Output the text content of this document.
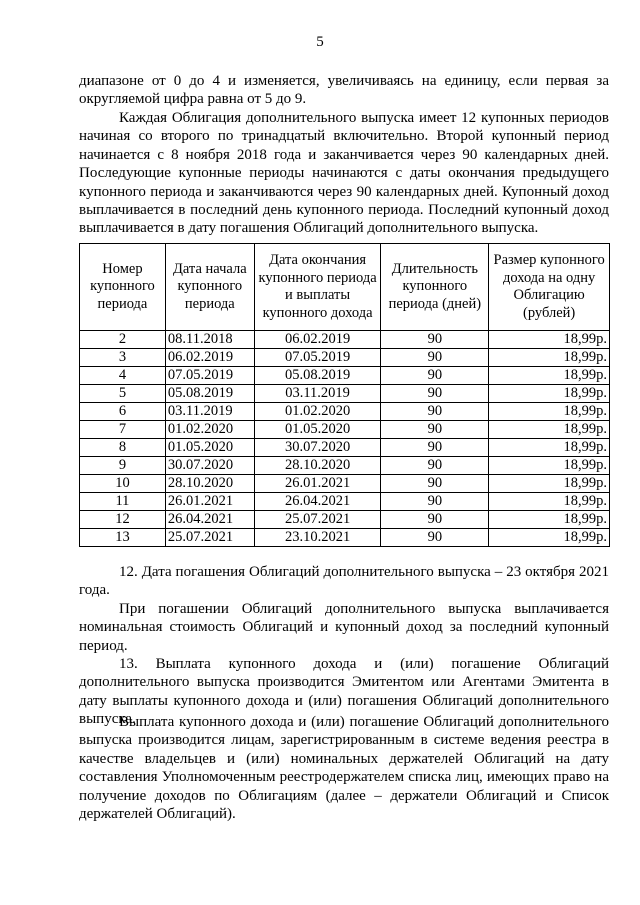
5

диапазоне от 0 до 4 и изменяется, увеличиваясь на единицу, если первая за округляемой цифра равна от 5 до 9.

Каждая Облигация дополнительного выпуска имеет 12 купонных периодов начиная со второго по тринадцатый включительно. Второй купонный период начинается с 8 ноября 2018 года и заканчивается через 90 календарных дней. Последующие купонные периоды начинаются с даты окончания предыдущего купонного периода и заканчиваются через 90 календарных дней. Купонный доход выплачивается в последний день купонного периода. Последний купонный доход выплачивается в дату погашения Облигаций дополнительного выпуска.

Номер купонного периода	Дата начала купонного периода	Дата окончания купонного периода и выплаты купонного дохода	Длительность купонного периода (дней)	Размер купонного дохода на одну Облигацию (рублей)
2	08.11.2018	06.02.2019	90	18,99р.
3	06.02.2019	07.05.2019	90	18,99р.
4	07.05.2019	05.08.2019	90	18,99р.
5	05.08.2019	03.11.2019	90	18,99р.
6	03.11.2019	01.02.2020	90	18,99р.
7	01.02.2020	01.05.2020	90	18,99р.
8	01.05.2020	30.07.2020	90	18,99р.
9	30.07.2020	28.10.2020	90	18,99р.
10	28.10.2020	26.01.2021	90	18,99р.
11	26.01.2021	26.04.2021	90	18,99р.
12	26.04.2021	25.07.2021	90	18,99р.
13	25.07.2021	23.10.2021	90	18,99р.

12. Дата погашения Облигаций дополнительного выпуска – 23 октября 2021 года.

При погашении Облигаций дополнительного выпуска выплачивается номинальная стоимость Облигаций и купонный доход за последний купонный период.

13. Выплата купонного дохода и (или) погашение Облигаций дополнительного выпуска производится Эмитентом или Агентами Эмитента в дату выплаты купонного дохода и (или) погашения Облигаций дополнительного выпуска.

Выплата купонного дохода и (или) погашение Облигаций дополнительного выпуска производится лицам, зарегистрированным в системе ведения реестра в качестве владельцев и (или) номинальных держателей Облигаций на дату составления Уполномоченным реестродержателем списка лиц, имеющих право на получение доходов по Облигациям (далее – держатели Облигаций и Список держателей Облигаций).
